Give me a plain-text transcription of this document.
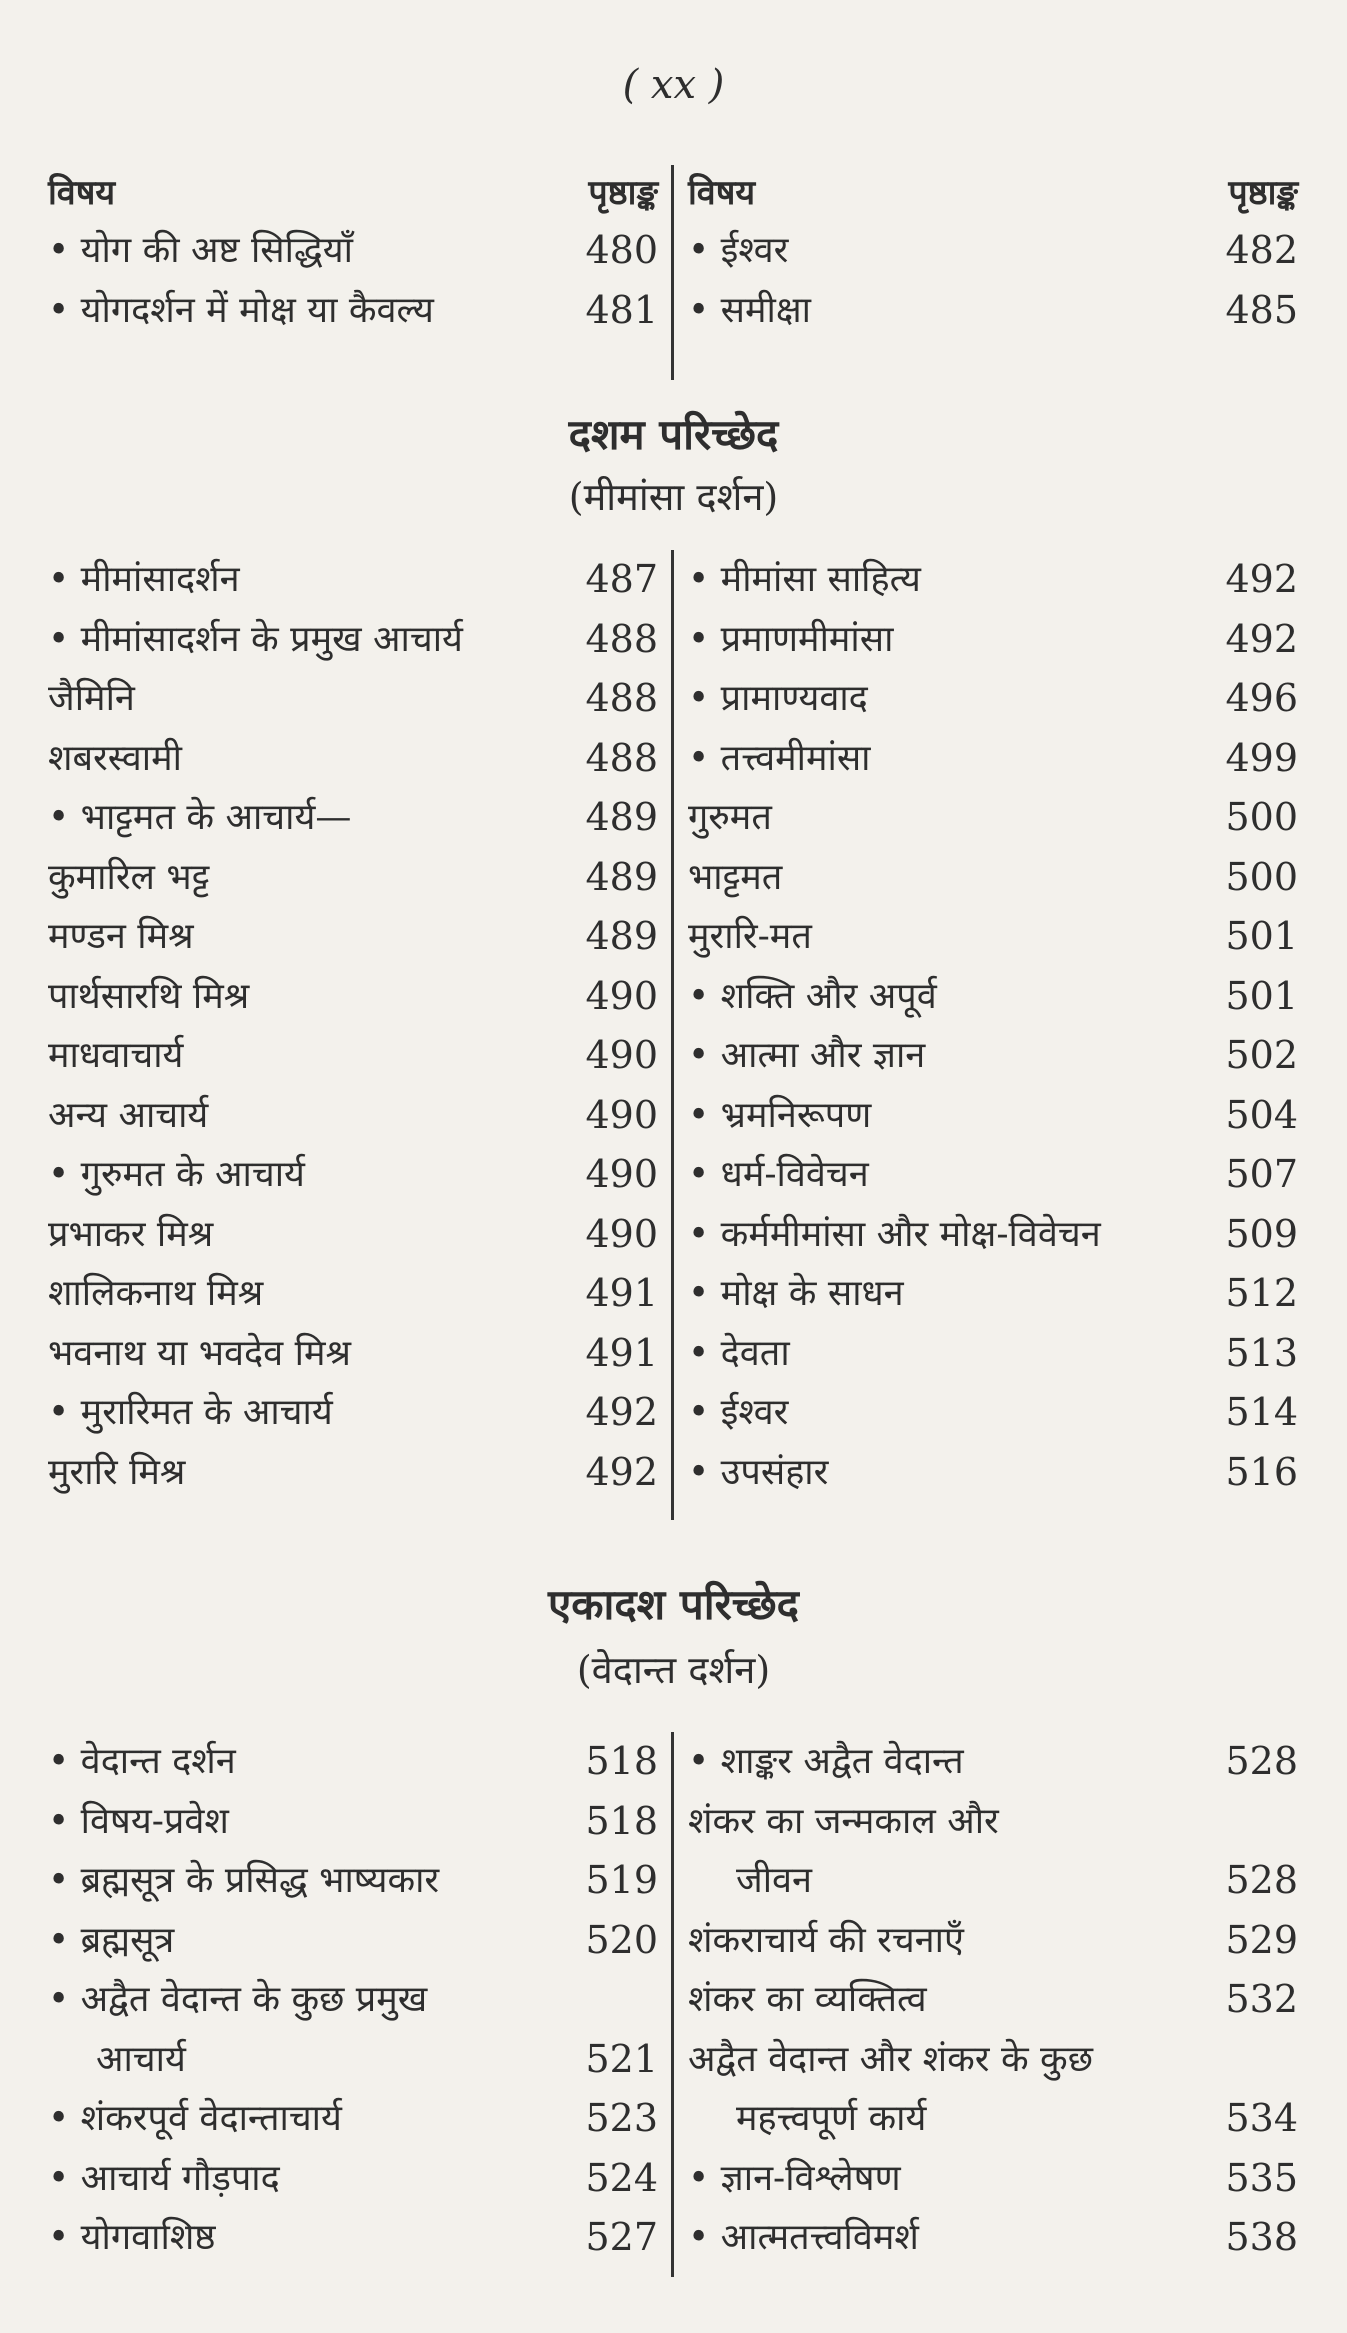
( xx )
विषय	पृष्ठाङ्क
• योग की अष्ट सिद्धियाँ	480
• योगदर्शन में मोक्ष या कैवल्य	481
विषय	पृष्ठाङ्क
• ईश्वर	482
• समीक्षा	485
दशम परिच्छेद
(मीमांसा दर्शन)
• मीमांसादर्शन	487
• मीमांसादर्शन के प्रमुख आचार्य	488
जैमिनि	488
शबरस्वामी	488
• भाट्टमत के आचार्य—	489
कुमारिल भट्ट	489
मण्डन मिश्र	489
पार्थसारथि मिश्र	490
माधवाचार्य	490
अन्य आचार्य	490
• गुरुमत के आचार्य	490
प्रभाकर मिश्र	490
शालिकनाथ मिश्र	491
भवनाथ या भवदेव मिश्र	491
• मुरारिमत के आचार्य	492
मुरारि मिश्र	492
• मीमांसा साहित्य	492
• प्रमाणमीमांसा	492
• प्रामाण्यवाद	496
• तत्त्वमीमांसा	499
गुरुमत	500
भाट्टमत	500
मुरारि-मत	501
• शक्ति और अपूर्व	501
• आत्मा और ज्ञान	502
• भ्रमनिरूपण	504
• धर्म-विवेचन	507
• कर्ममीमांसा और मोक्ष-विवेचन	509
• मोक्ष के साधन	512
• देवता	513
• ईश्वर	514
• उपसंहार	516
एकादश परिच्छेद
(वेदान्त दर्शन)
• वेदान्त दर्शन	518
• विषय-प्रवेश	518
• ब्रह्मसूत्र के प्रसिद्ध भाष्यकार	519
• ब्रह्मसूत्र	520
• अद्वैत वेदान्त के कुछ प्रमुख
आचार्य	521
• शंकरपूर्व वेदान्ताचार्य	523
• आचार्य गौड़पाद	524
• योगवाशिष्ठ	527
• शाङ्कर अद्वैत वेदान्त	528
शंकर का जन्मकाल और
जीवन	528
शंकराचार्य की रचनाएँ	529
शंकर का व्यक्तित्व	532
अद्वैत वेदान्त और शंकर के कुछ
महत्त्वपूर्ण कार्य	534
• ज्ञान-विश्लेषण	535
• आत्मतत्त्वविमर्श	538
